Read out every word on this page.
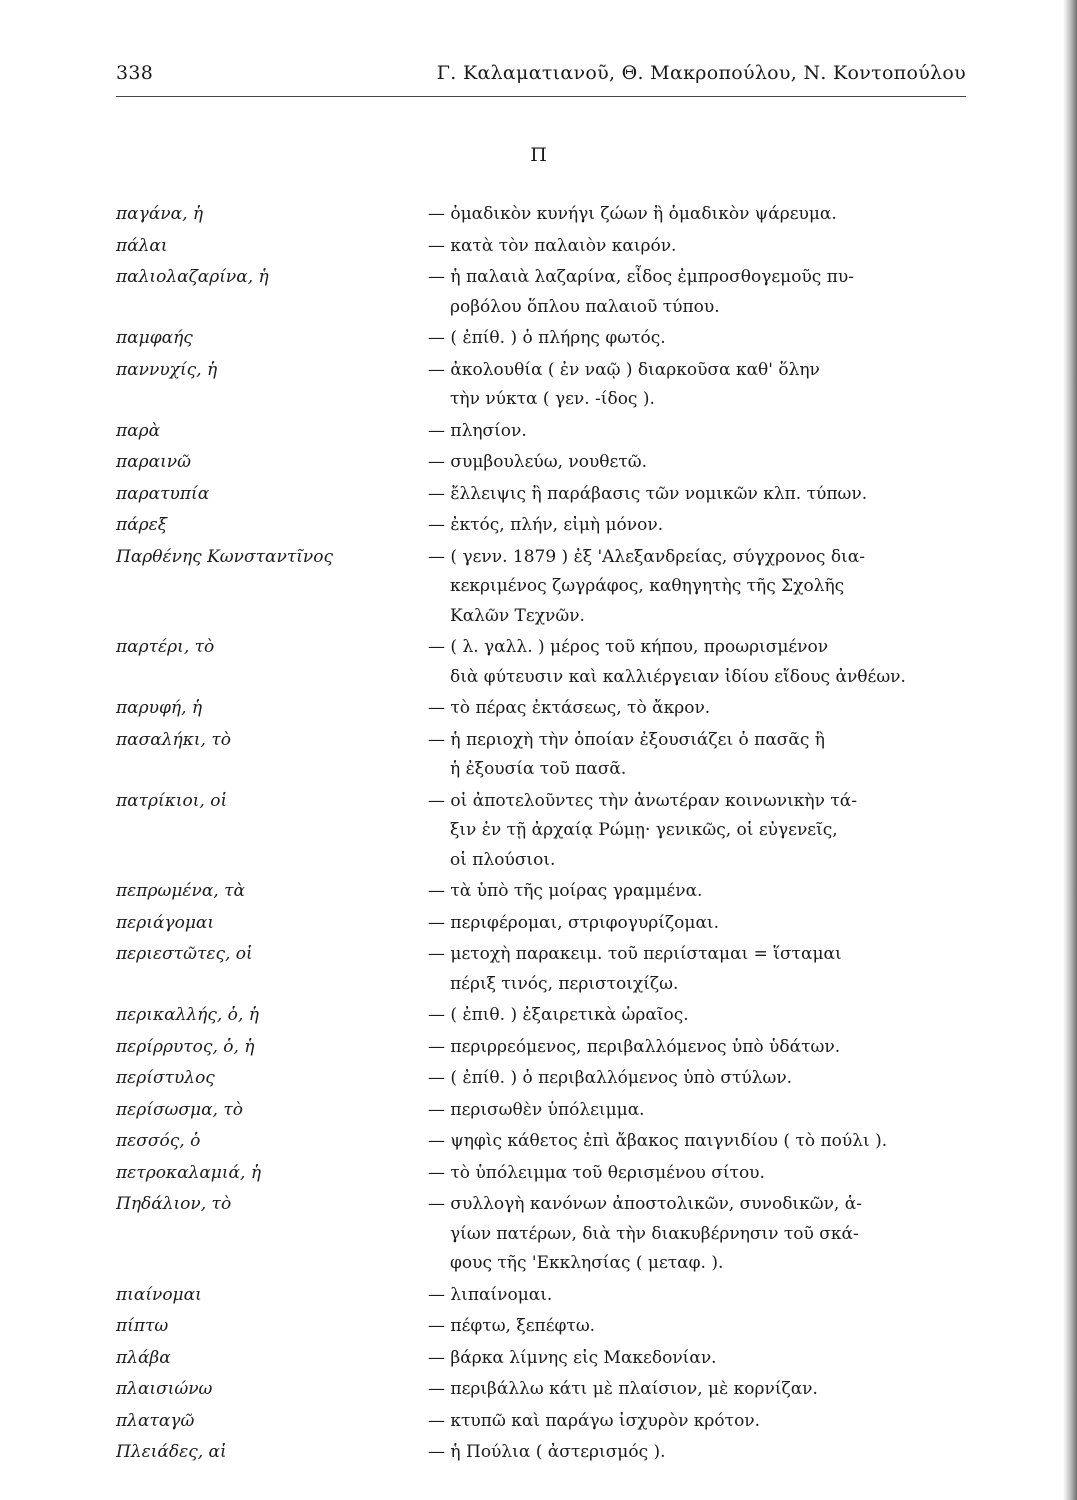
338	Γ. Καλαματιανοῦ, Θ. Μακροπούλου, Ν. Κοντοπούλου
Π
παγάνα, ἡ	— ὁμαδικὸν κυνήγι ζώων ἢ ὁμαδικὸν ψάρευμα.
πάλαι	— κατὰ τὸν παλαιὸν καιρόν.
παλιολαζαρίνα, ἡ	— ἡ παλαιὰ λαζαρίνα, εἶδος ἐμπροσθογεμοῦς πυ-
ροβόλου ὅπλου παλαιοῦ τύπου.
παμφαής	— ( ἐπίθ. ) ὁ πλήρης φωτός.
παννυχίς, ἡ	— ἀκολουθία ( ἐν ναῷ ) διαρκοῦσα καθ' ὅλην
τὴν νύκτα ( γεν. -ίδος ).
παρὰ	— πλησίον.
παραινῶ	— συμβουλεύω, νουθετῶ.
παρατυπία	— ἔλλειψις ἢ παράβασις τῶν νομικῶν κλπ. τύπων.
πάρεξ	— ἐκτός, πλήν, εἰμὴ μόνον.
Παρθένης Κωνσταντῖνος	— ( γενν. 1879 ) ἐξ 'Αλεξανδρείας, σύγχρονος δια-
κεκριμένος ζωγράφος, καθηγητὴς τῆς Σχολῆς
Καλῶν Τεχνῶν.
παρτέρι, τὸ	— ( λ. γαλλ. ) μέρος τοῦ κήπου, προωρισμένον
διὰ φύτευσιν καὶ καλλιέργειαν ἰδίου εἴδους ἀνθέων.
παρυφή, ἡ	— τὸ πέρας ἐκτάσεως, τὸ ἄκρον.
πασαλήκι, τὸ	— ἡ περιοχὴ τὴν ὁποίαν ἐξουσιάζει ὁ πασᾶς ἢ
ἡ ἐξουσία τοῦ πασᾶ.
πατρίκιοι, οἱ	— οἱ ἀποτελοῦντες τὴν ἀνωτέραν κοινωνικὴν τά-
ξιν ἐν τῇ ἀρχαίᾳ Ρώμῃ· γενικῶς, οἱ εὐγενεῖς,
οἱ πλούσιοι.
πεπρωμένα, τὰ	— τὰ ὑπὸ τῆς μοίρας γραμμένα.
περιάγομαι	— περιφέρομαι, στριφογυρίζομαι.
περιεστῶτες, οἱ	— μετοχὴ παρακειμ. τοῦ περιίσταμαι = ἵσταμαι
πέριξ τινός, περιστοιχίζω.
περικαλλής, ὁ, ἡ	— ( ἐπιθ. ) ἐξαιρετικὰ ὡραῖος.
περίρρυτος, ὁ, ἡ	— περιρρεόμενος, περιβαλλόμενος ὑπὸ ὑδάτων.
περίστυλος	— ( ἐπίθ. ) ὁ περιβαλλόμενος ὑπὸ στύλων.
περίσωσμα, τὸ	— περισωθὲν ὑπόλειμμα.
πεσσός, ὁ	— ψηφὶς κάθετος ἐπὶ ἄβακος παιγνιδίου ( τὸ πούλι ).
πετροκαλαμιά, ἡ	— τὸ ὑπόλειμμα τοῦ θερισμένου σίτου.
Πηδάλιον, τὸ	— συλλογὴ κανόνων ἀποστολικῶν, συνοδικῶν, ἁ-
γίων πατέρων, διὰ τὴν διακυβέρνησιν τοῦ σκά-
φους τῆς 'Εκκλησίας ( μεταφ. ).
πιαίνομαι	— λιπαίνομαι.
πίπτω	— πέφτω, ξεπέφτω.
πλάβα	— βάρκα λίμνης εἰς Μακεδονίαν.
πλαισιώνω	— περιβάλλω κάτι μὲ πλαίσιον, μὲ κορνίζαν.
πλαταγῶ	— κτυπῶ καὶ παράγω ἰσχυρὸν κρότον.
Πλειάδες, αἱ	— ἡ Πούλια ( ἀστερισμός ).
